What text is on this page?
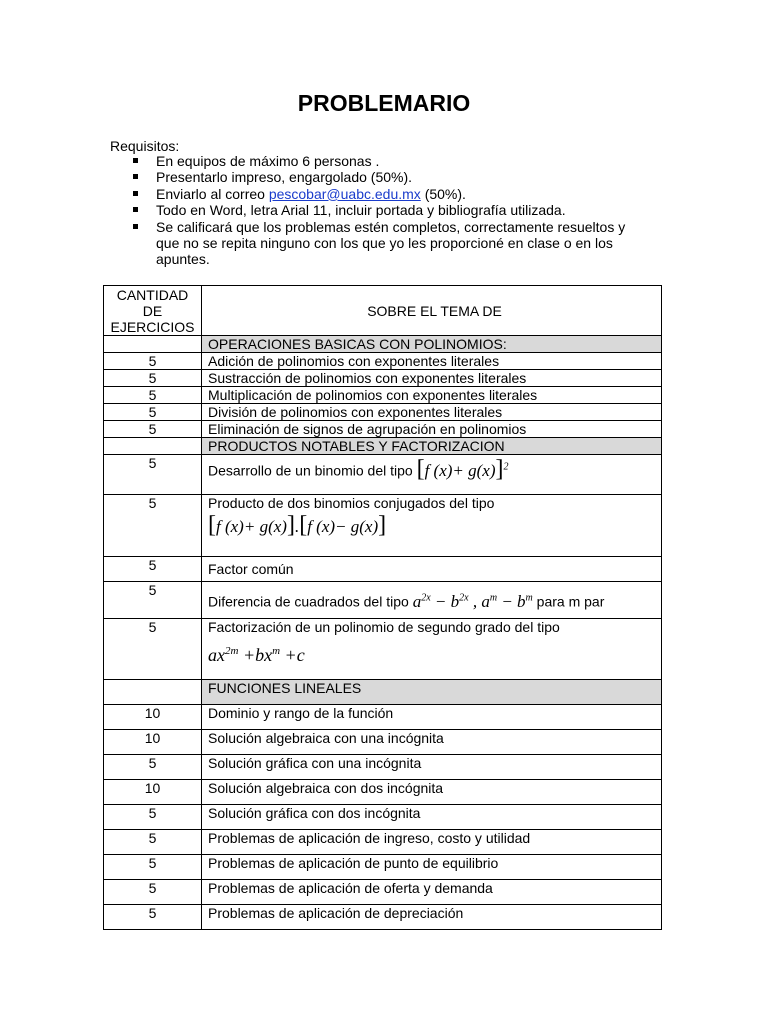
PROBLEMARIO
Requisitos:
En equipos de máximo 6 personas .
Presentarlo impreso, engargolado (50%).
Enviarlo al correo pescobar@uabc.edu.mx (50%).
Todo en Word, letra Arial 11, incluir portada y bibliografía utilizada.
Se calificará que los problemas estén completos, correctamente resueltos y que no se repita ninguno con los que yo les proporcioné en clase o en los apuntes.
CANTIDAD
DE
EJERCICIOS	SOBRE EL TEMA DE
	OPERACIONES BASICAS CON POLINOMIOS:
5	Adición de polinomios con exponentes literales
5	Sustracción de polinomios con exponentes literales
5	Multiplicación de polinomios con exponentes literales
5	División de polinomios con exponentes literales
5	Eliminación de signos de agrupación en polinomios
	PRODUCTOS NOTABLES Y FACTORIZACION
5	Desarrollo de un binomio del tipo [f (x)+ g(x)]$^2$

5	Producto de dos binomios conjugados del tipo
[f (x)+ g(x)].[f (x)− g(x)]

5	Factor común

5	Diferencia de cuadrados del tipo $a^{2x} - b^{2x}$ , $a^m - b^m$ para m par

5	Factorización de un polinomio de segundo grado del tipo
$ax^{2m} +bx^m +c$

	FUNCIONES LINEALES
10	Dominio y rango de la función
10	Solución algebraica con una incógnita
5	Solución gráfica con una incógnita
10	Solución algebraica con dos incógnita
5	Solución gráfica con dos incógnita
5	Problemas de aplicación de ingreso, costo y utilidad
5	Problemas de aplicación de punto de equilibrio
5	Problemas de aplicación de oferta y demanda
5	Problemas de aplicación de depreciación
